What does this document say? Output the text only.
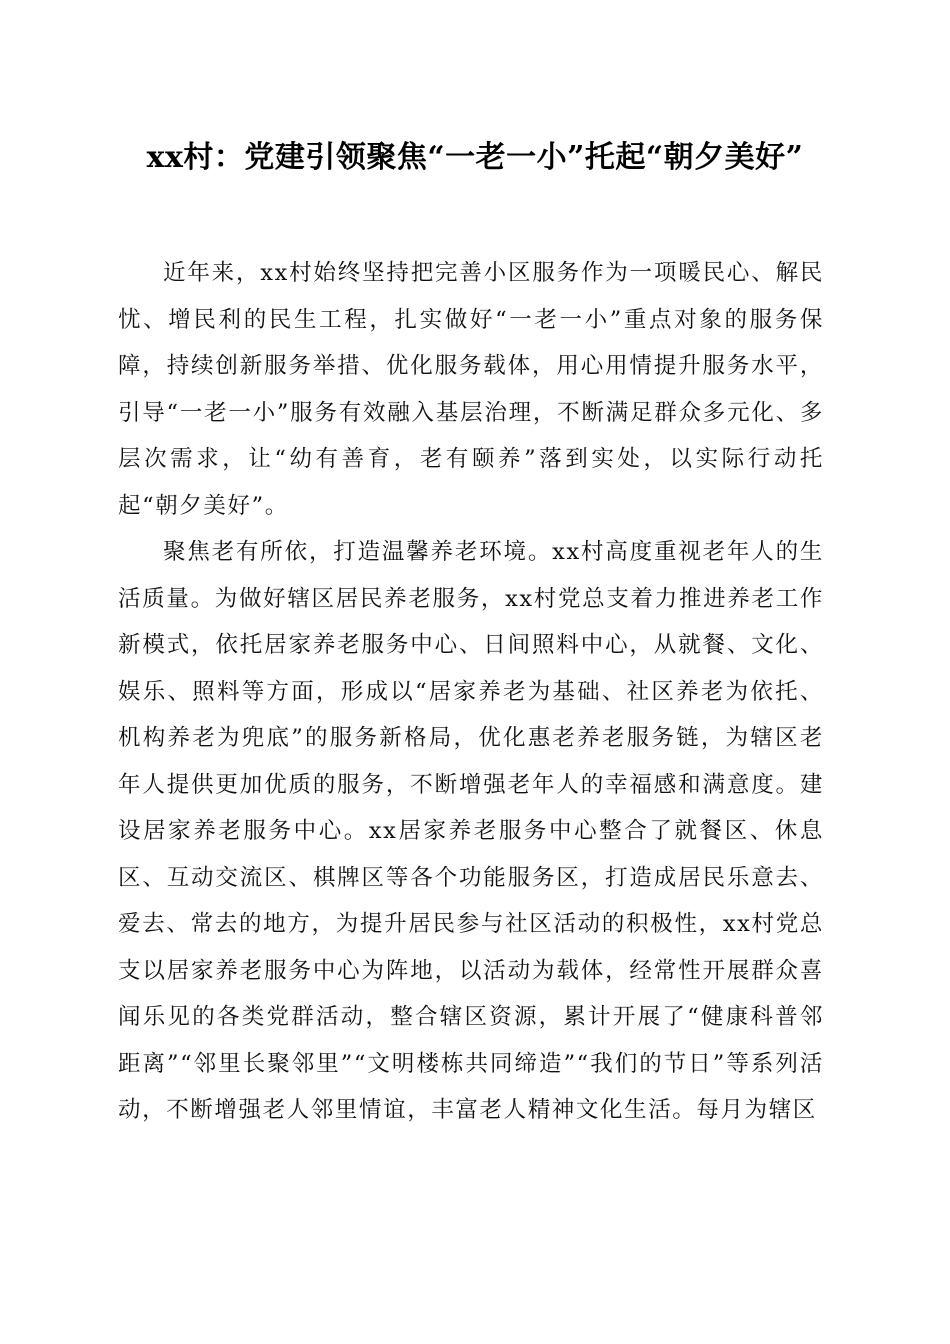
xx村：党建引领聚焦“一老一小”托起“朝夕美好”

近年来，xx村始终坚持把完善小区服务作为一项暖民心、解民忧、增民利的民生工程，扎实做好“一老一小”重点对象的服务保障，持续创新服务举措、优化服务载体，用心用情提升服务水平，引导“一老一小”服务有效融入基层治理，不断满足群众多元化、多层次需求，让“幼有善育，老有颐养”落到实处，以实际行动托起“朝夕美好”。

聚焦老有所依，打造温馨养老环境。xx村高度重视老年人的生活质量。为做好辖区居民养老服务，xx村党总支着力推进养老工作新模式，依托居家养老服务中心、日间照料中心，从就餐、文化、娱乐、照料等方面，形成以“居家养老为基础、社区养老为依托、机构养老为兜底”的服务新格局，优化惠老养老服务链，为辖区老年人提供更加优质的服务，不断增强老年人的幸福感和满意度。建设居家养老服务中心。xx居家养老服务中心整合了就餐区、休息区、互动交流区、棋牌区等各个功能服务区，打造成居民乐意去、爱去、常去的地方，为提升居民参与社区活动的积极性，xx村党总支以居家养老服务中心为阵地，以活动为载体，经常性开展群众喜闻乐见的各类党群活动，整合辖区资源，累计开展了“健康科普邻距离”“邻里长聚邻里”“文明楼栋共同缔造”“我们的节日”等系列活动，不断增强老人邻里情谊，丰富老人精神文化生活。每月为辖区
